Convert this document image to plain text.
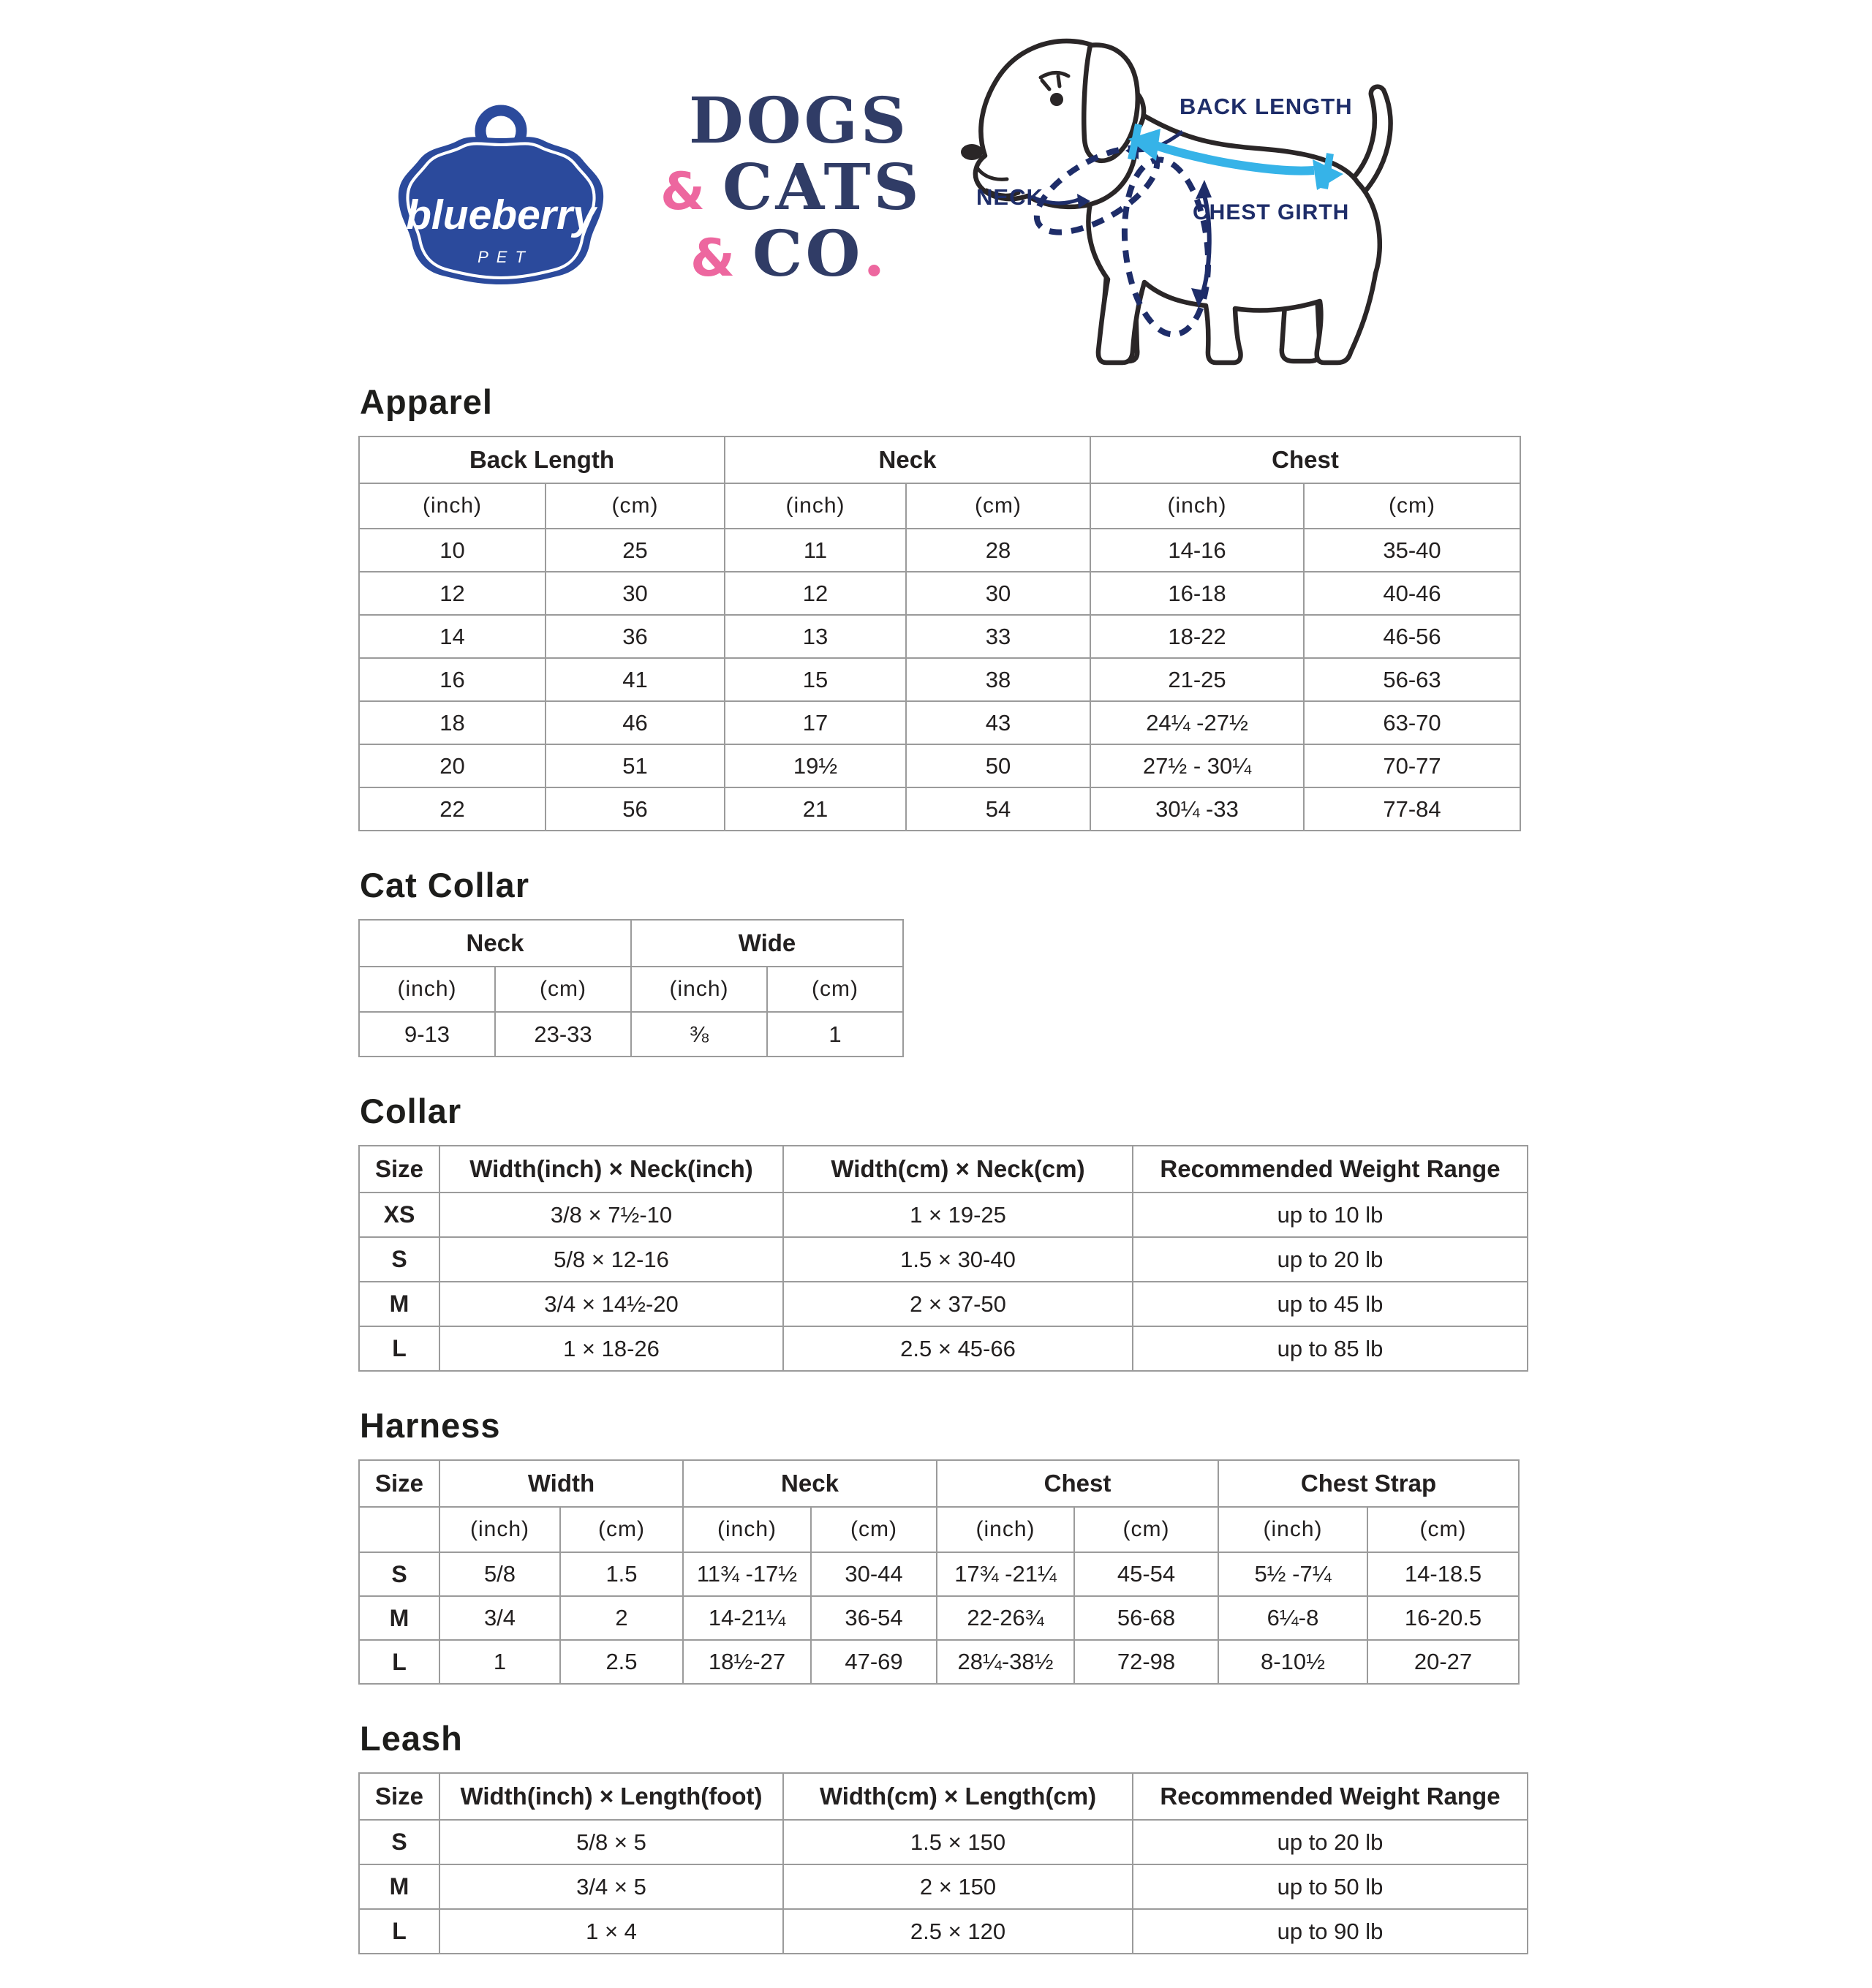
blueberry
PET
DOGS
& CATS
& CO.
BACK LENGTH
NECK
CHEST GIRTH
Apparel
Back Length		Neck		Chest	
(inch)	(cm)	(inch)	(cm)	(inch)	(cm)
10	25	11	28	14-16	35-40
12	30	12	30	16-18	40-46
14	36	13	33	18-22	46-56
16	41	15	38	21-25	56-63
18	46	17	43	24¼ -27½	63-70
20	51	19½	50	27½ - 30¼	70-77
22	56	21	54	30¼ -33	77-84
Cat Collar
Neck		Wide	
(inch)	(cm)	(inch)	(cm)
9-13	23-33	⅜	1
Collar
Size	Width(inch) × Neck(inch)	Width(cm) × Neck(cm)	Recommended Weight Range
XS	3/8 × 7½-10	1 × 19-25	up to 10 lb
S	5/8 × 12-16	1.5 × 30-40	up to 20 lb
M	3/4 × 14½-20	2 × 37-50	up to 45 lb
L	1 × 18-26	2.5 × 45-66	up to 85 lb
Harness
Size	Width		Neck		Chest		Chest Strap	
	(inch)	(cm)	(inch)	(cm)	(inch)	(cm)	(inch)	(cm)
S	5/8	1.5	11¾ -17½	30-44	17¾ -21¼	45-54	5½ -7¼	14-18.5
M	3/4	2	14-21¼	36-54	22-26¾	56-68	6¼-8	16-20.5
L	1	2.5	18½-27	47-69	28¼-38½	72-98	8-10½	20-27
Leash
Size	Width(inch) × Length(foot)	Width(cm) × Length(cm)	Recommended Weight Range
S	5/8 × 5	1.5 × 150	up to 20 lb
M	3/4 × 5	2 × 150	up to 50 lb
L	1 × 4	2.5 × 120	up to 90 lb
